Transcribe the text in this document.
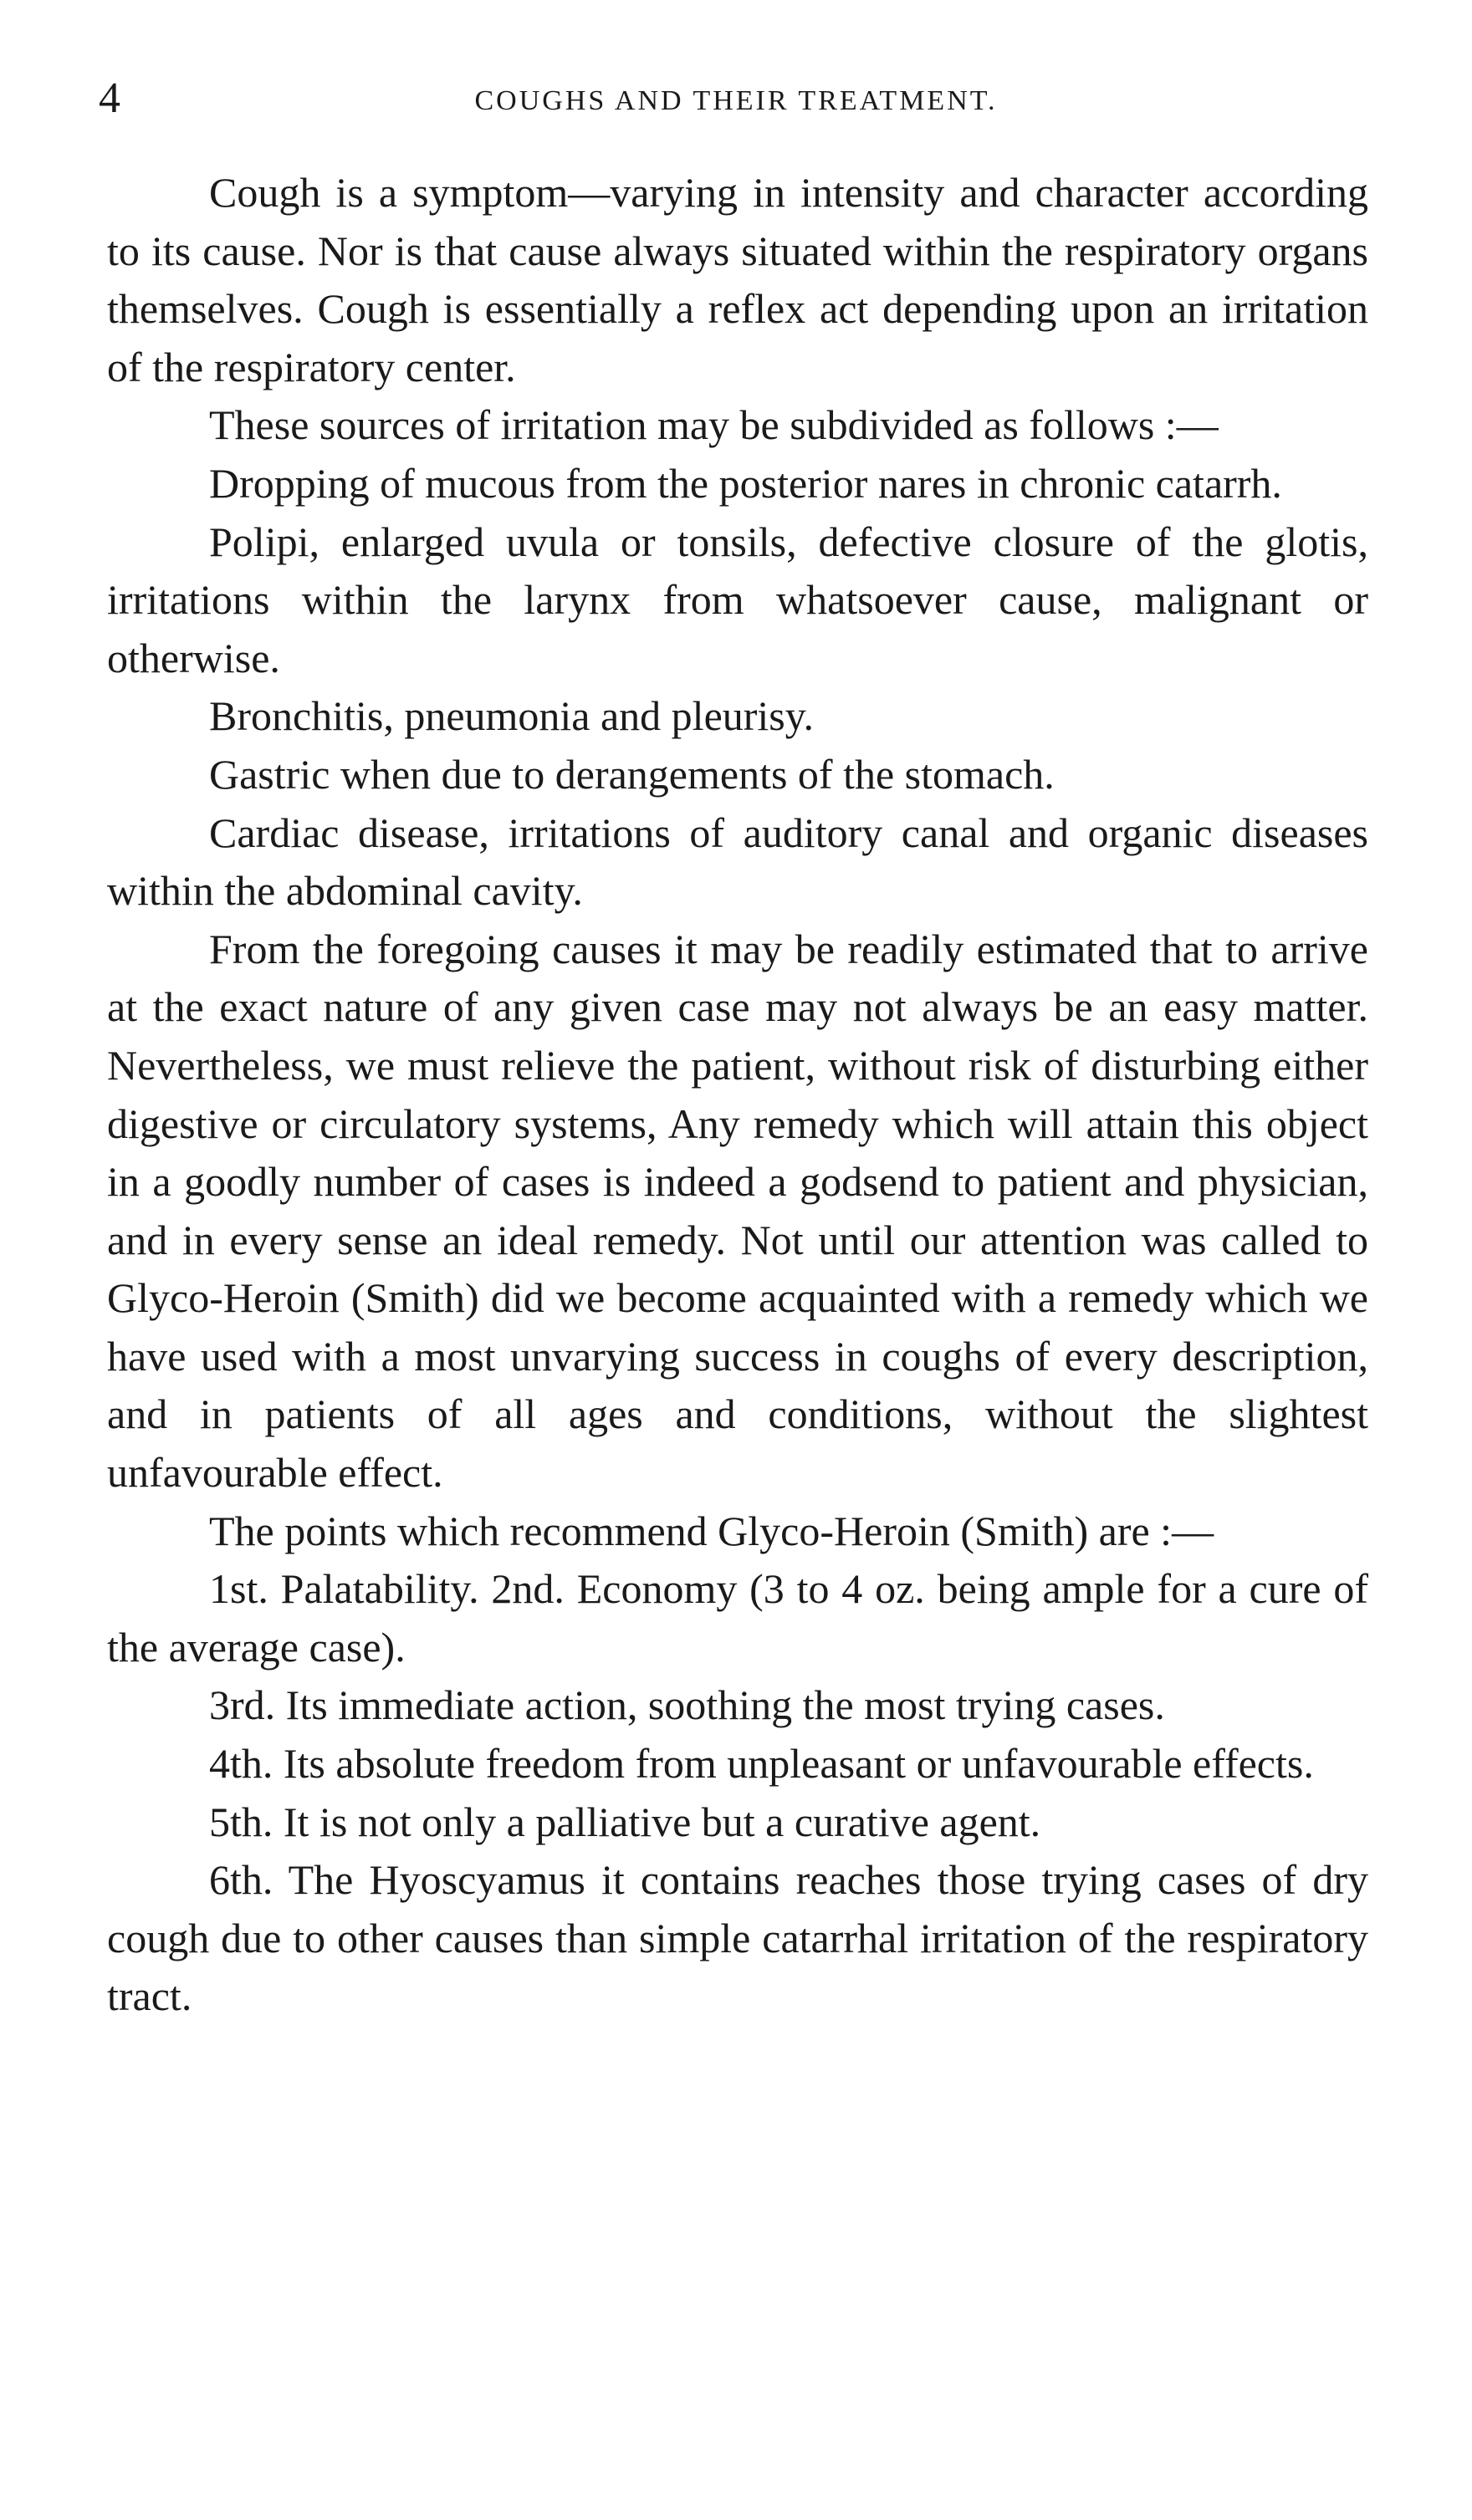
4	COUGHS AND THEIR TREATMENT.

Cough is a symptom—varying in intensity and character according to its cause. Nor is that cause always situated within the respiratory organs themselves. Cough is essentially a reflex act depending upon an irritation of the respiratory center.

These sources of irritation may be subdivided as follows :—

Dropping of mucous from the posterior nares in chronic catarrh.

Polipi, enlarged uvula or tonsils, defective closure of the glotis, irritations within the larynx from whatsoever cause, malignant or otherwise.

Bronchitis, pneumonia and pleurisy.

Gastric when due to derangements of the stomach.

Cardiac disease, irritations of auditory canal and organic diseases within the abdominal cavity.

From the foregoing causes it may be readily estimated that to arrive at the exact nature of any given case may not always be an easy matter. Nevertheless, we must relieve the patient, without risk of disturbing either digestive or circulatory systems, Any remedy which will attain this object in a goodly number of cases is indeed a godsend to patient and physician, and in every sense an ideal remedy. Not until our attention was called to Glyco-Heroin (Smith) did we become acquainted with a remedy which we have used with a most unvarying success in coughs of every description, and in patients of all ages and conditions, without the slightest unfavourable effect.

The points which recommend Glyco-Heroin (Smith) are :—

1st. Palatability. 2nd. Economy (3 to 4 oz. being ample for a cure of the average case).

3rd. Its immediate action, soothing the most trying cases.

4th. Its absolute freedom from unpleasant or unfavourable effects.

5th. It is not only a palliative but a curative agent.

6th. The Hyoscyamus it contains reaches those trying cases of dry cough due to other causes than simple catarrhal irritation of the respiratory tract.
